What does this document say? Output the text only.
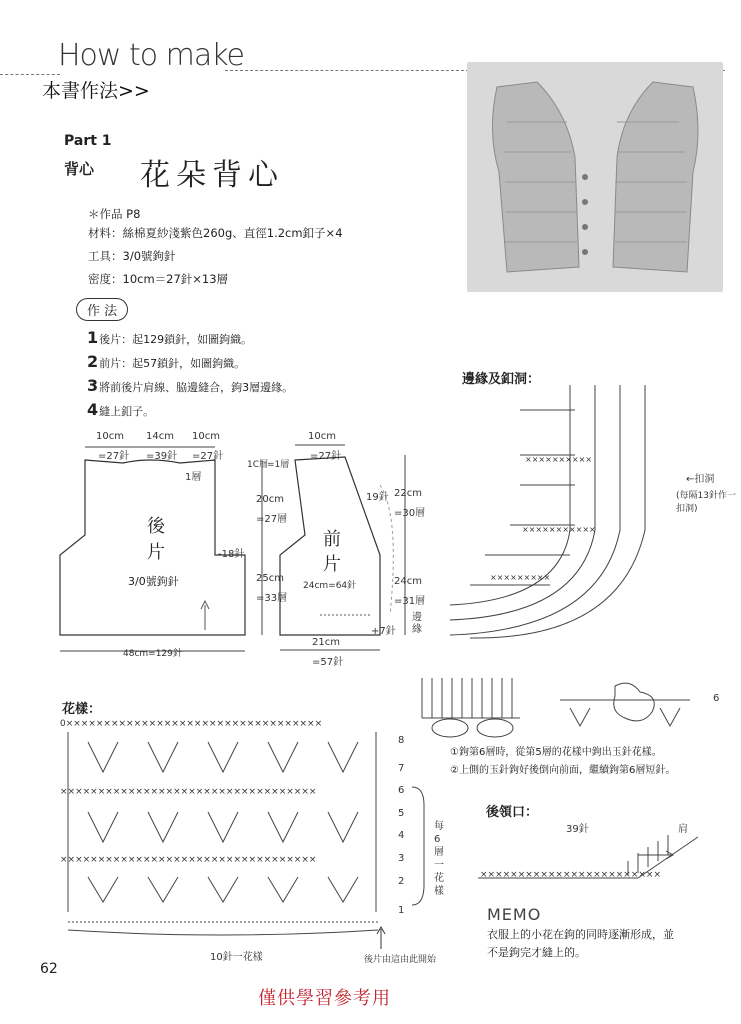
How to make
本書作法>>
Part 1
背心 花朵背心
＊作品 P8
材料：絲棉夏紗淺紫色260g、直徑1.2cm釦子×4
工具：3/0號鉤針
密度：10cm＝27針×13層
作 法
1後片：起129鎖針，如圖鉤織。
2前片：起57鎖針，如圖鉤織。
3將前後片肩線、脇邊縫合，鉤3層邊緣。
4縫上釦子。
10cm
=27針
14cm
=39針
10cm
=27針
1層
後
片
3/0號鉤針
-18針
48cm=129針
10cm
=27針
1C層
=1層
19針
20cm
=27層
前
片
24cm=64針
25cm
=33層
22cm
=30層
24cm
=31層
+7針
21cm
=57針
邊緣
邊緣及釦洞：
××××××××××
×××××××××××
×××××××××
←扣洞
(每隔13針作一扣洞)
花樣：
0××××××××××××××××××××××××××××××××××
××××××××××××××××××××××××××××××××××
××××××××××××××××××××××××××××××××××
8
7
6
5
4
3
2
1
每6層一花樣
10針一花樣	後片由這由此開始
6
①鉤第6層時，從第5層的花樣中鉤出玉針花樣。
②上側的玉針鉤好後倒向前面，繼續鉤第6層短針。
後領口：
39針	肩
××××××××××××××××××××××××
MEMO
衣服上的小花在鉤的同時逐漸形成，並
不是鉤完才縫上的。
62
僅供學習參考用
